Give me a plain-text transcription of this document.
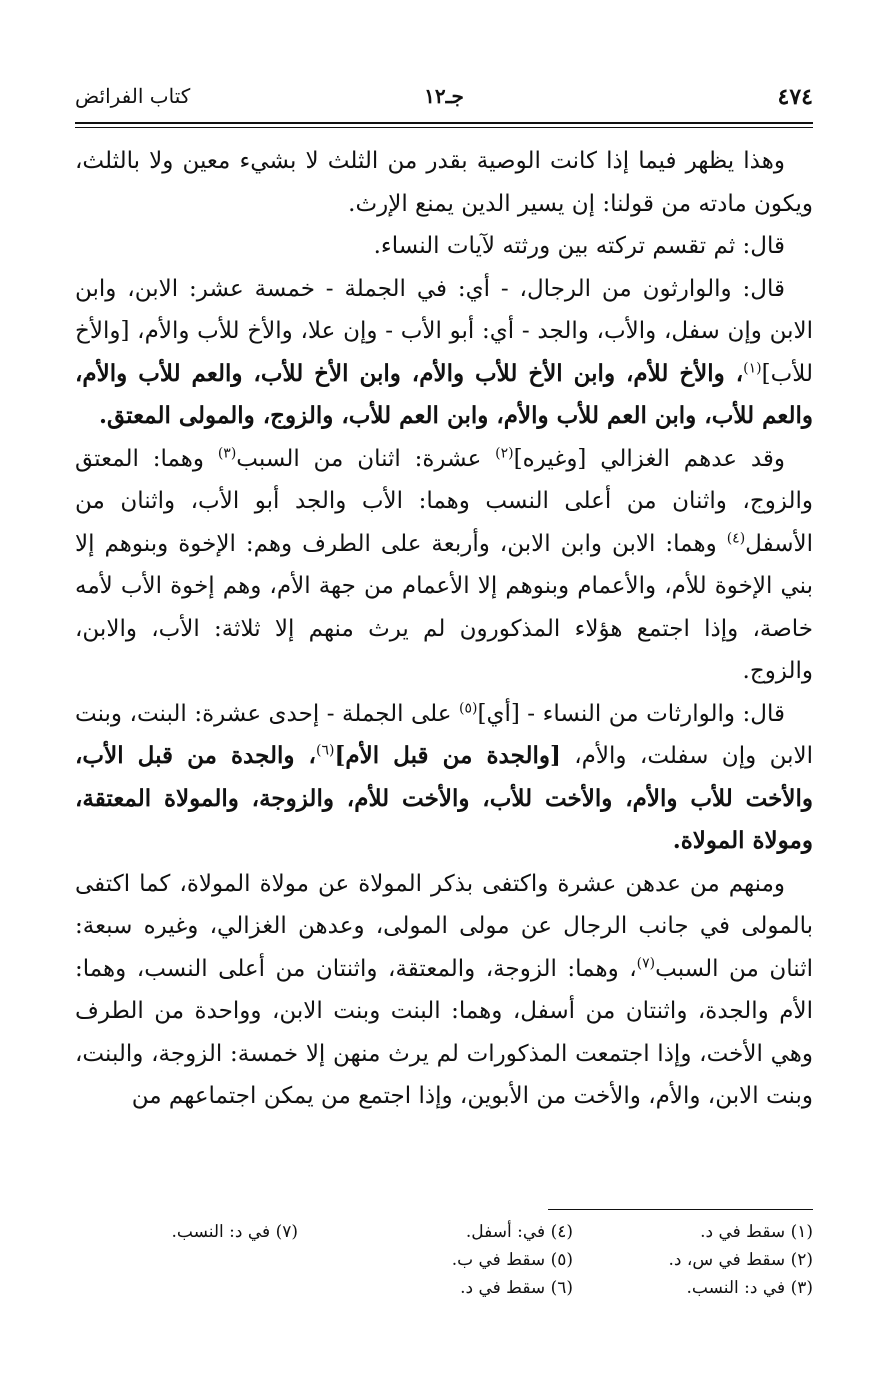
٤٧٤
جـ١٢
كتاب الفرائض

وهذا يظهر فيما إذا كانت الوصية بقدر من الثلث لا بشيء معين ولا بالثلث، ويكون مادته من قولنا: إن يسير الدين يمنع الإرث.

قال: ثم تقسم تركته بين ورثته لآيات النساء.

قال: والوارثون من الرجال، - أي: في الجملة - خمسة عشر: الابن، وابن الابن وإن سفل، والأب، والجد - أي: أبو الأب - وإن علا، والأخ للأب والأم، [والأخ للأب]$^{(١)}$، والأخ للأم، وابن الأخ للأب والأم، وابن الأخ للأب، والعم للأب والأم، والعم للأب، وابن العم للأب والأم، وابن العم للأب، والزوج، والمولى المعتق.

وقد عدهم الغزالي [وغيره]$^{(٢)}$ عشرة: اثنان من السبب$^{(٣)}$ وهما: المعتق والزوج، واثنان من أعلى النسب وهما: الأب والجد أبو الأب، واثنان من الأسفل$^{(٤)}$ وهما: الابن وابن الابن، وأربعة على الطرف وهم: الإخوة وبنوهم إلا بني الإخوة للأم، والأعمام وبنوهم إلا الأعمام من جهة الأم، وهم إخوة الأب لأمه خاصة، وإذا اجتمع هؤلاء المذكورون لم يرث منهم إلا ثلاثة: الأب، والابن، والزوج.

قال: والوارثات من النساء - [أي]$^{(٥)}$ على الجملة - إحدى عشرة: البنت، وبنت الابن وإن سفلت، والأم، [والجدة من قبل الأم]$^{(٦)}$، والجدة من قبل الأب، والأخت للأب والأم، والأخت للأب، والأخت للأم، والزوجة، والمولاة المعتقة، ومولاة المولاة.

ومنهم من عدهن عشرة واكتفى بذكر المولاة عن مولاة المولاة، كما اكتفى بالمولى في جانب الرجال عن مولى المولى، وعدهن الغزالي، وغيره سبعة: اثنان من السبب$^{(٧)}$، وهما: الزوجة، والمعتقة، واثنتان من أعلى النسب، وهما: الأم والجدة، واثنتان من أسفل، وهما: البنت وبنت الابن، وواحدة من الطرف وهي الأخت، وإذا اجتمعت المذكورات لم يرث منهن إلا خمسة: الزوجة، والبنت، وبنت الابن، والأم، والأخت من الأبوين، وإذا اجتمع من يمكن اجتماعهم من

(١) سقط في د.
(٢) سقط في س، د.
(٣) في د: النسب.
(٤) في: أسفل.
(٥) سقط في ب.
(٦) سقط في د.
(٧) في د: النسب.
